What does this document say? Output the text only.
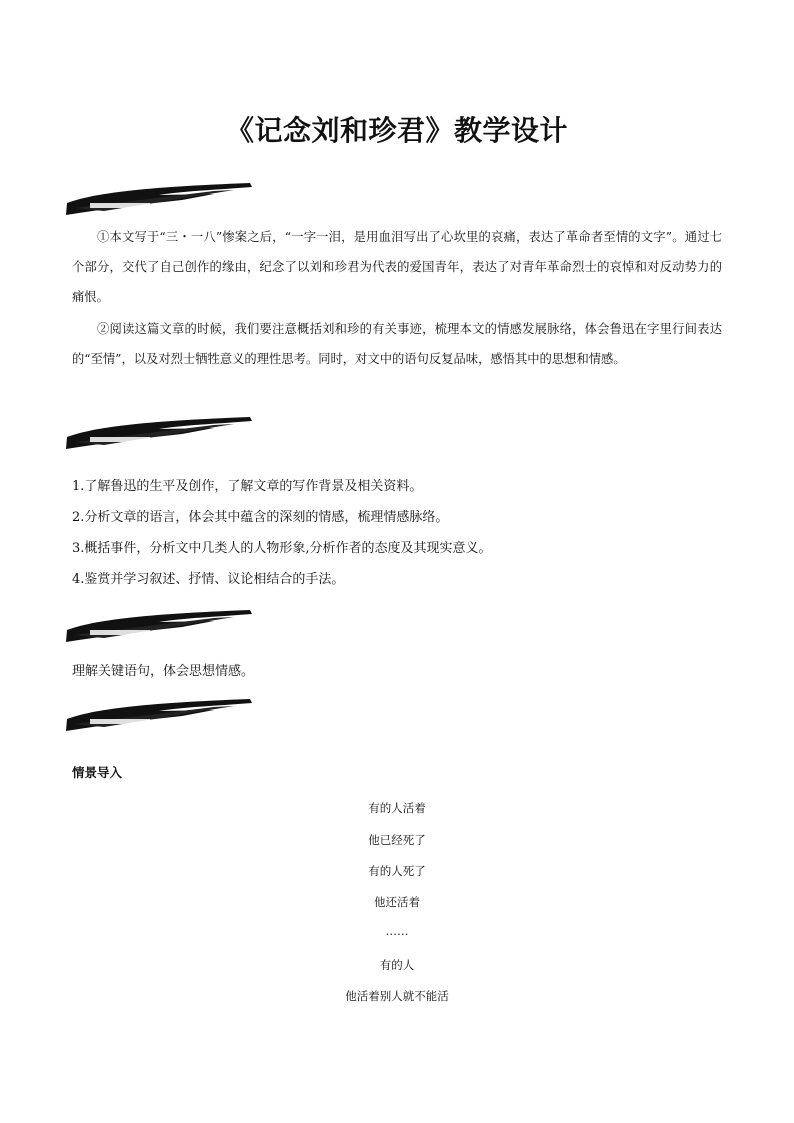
《记念刘和珍君》教学设计

①本文写于“三・一八”惨案之后，“一字一泪，是用血泪写出了心坎里的哀痛，表达了革命者至情的文字”。通过七个部分，交代了自己创作的缘由，纪念了以刘和珍君为代表的爱国青年，表达了对青年革命烈士的哀悼和对反动势力的痛恨。

②阅读这篇文章的时候，我们要注意概括刘和珍的有关事迹，梳理本文的情感发展脉络，体会鲁迅在字里行间表达的“至情”，以及对烈士牺牲意义的理性思考。同时，对文中的语句反复品味，感悟其中的思想和情感。

1.了解鲁迅的生平及创作，了解文章的写作背景及相关资料。
2.分析文章的语言，体会其中蕴含的深刻的情感，梳理情感脉络。
3.概括事件，分析文中几类人的人物形象,分析作者的态度及其现实意义。
4.鉴赏并学习叙述、抒情、议论相结合的手法。
理解关键语句，体会思想情感。
情景导入
有的人活着
他已经死了
有的人死了
他还活着
……
有的人
他活着别人就不能活
